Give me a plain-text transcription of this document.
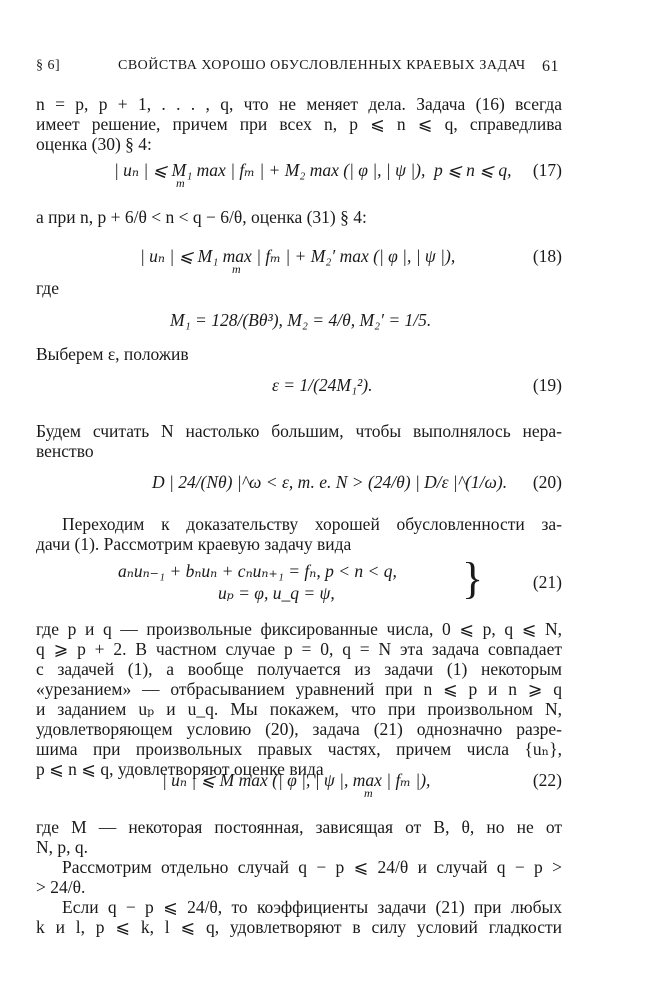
§ 6]	СВОЙСТВА ХОРОШО ОБУСЛОВЛЕННЫХ КРАЕВЫХ ЗАДАЧ 61
n = p, p + 1, . . . , q, что не меняет дела. Задача (16) всегда
имеет решение, причем при всех n, p ⩽ n ⩽ q, справедлива
оценка (30) § 4:
| uₙ | ⩽ M₁ max | fₘ | + M₂ max (| φ |, | ψ |),
m
p ⩽ n ⩽ q, (17)
а при n, p + 6/θ < n < q − 6/θ, оценка (31) § 4:
| uₙ | ⩽ M₁ max | fₘ | + M₂′ max (| φ |, | ψ |),
m
(18)
где
M₁ = 128/(Bθ³), M₂ = 4/θ, M₂′ = 1/5.
Выберем ε, положив
ε = 1/(24M₁²).	(19)
Будем считать N настолько большим, чтобы выполнялось нера-
венство
D | 24/(Nθ) |^ω < ε, т. е. N > (24/θ) | D/ε |^(1/ω). (20)
Переходим к доказательству хорошей обусловленности за-
дачи (1). Рассмотрим краевую задачу вида
aₙuₙ₋₁ + bₙuₙ + cₙuₙ₊₁ = fₙ, p < n < q,
uₚ = φ, u_q = ψ,	}	(21)
где p и q — произвольные фиксированные числа, 0 ⩽ p, q ⩽ N,
q ⩾ p + 2. В частном случае p = 0, q = N эта задача совпадает
с задачей (1), а вообще получается из задачи (1) некоторым
«урезанием» — отбрасыванием уравнений при n ⩽ p и n ⩾ q
и заданием uₚ и u_q. Мы покажем, что при произвольном N,
удовлетворяющем условию (20), задача (21) однозначно разре-
шима при произвольных правых частях, причем числа {uₙ},
p ⩽ n ⩽ q, удовлетворяют оценке вида
| uₙ | ⩽ M max (| φ |, | ψ |, max | fₘ |),
m
(22)
где M — некоторая постоянная, зависящая от B, θ, но не от
N, p, q.
Рассмотрим отдельно случай q − p ⩽ 24/θ и случай q − p >
> 24/θ.
Если q − p ⩽ 24/θ, то коэффициенты задачи (21) при любых
k и l, p ⩽ k, l ⩽ q, удовлетворяют в силу условий гладкости
